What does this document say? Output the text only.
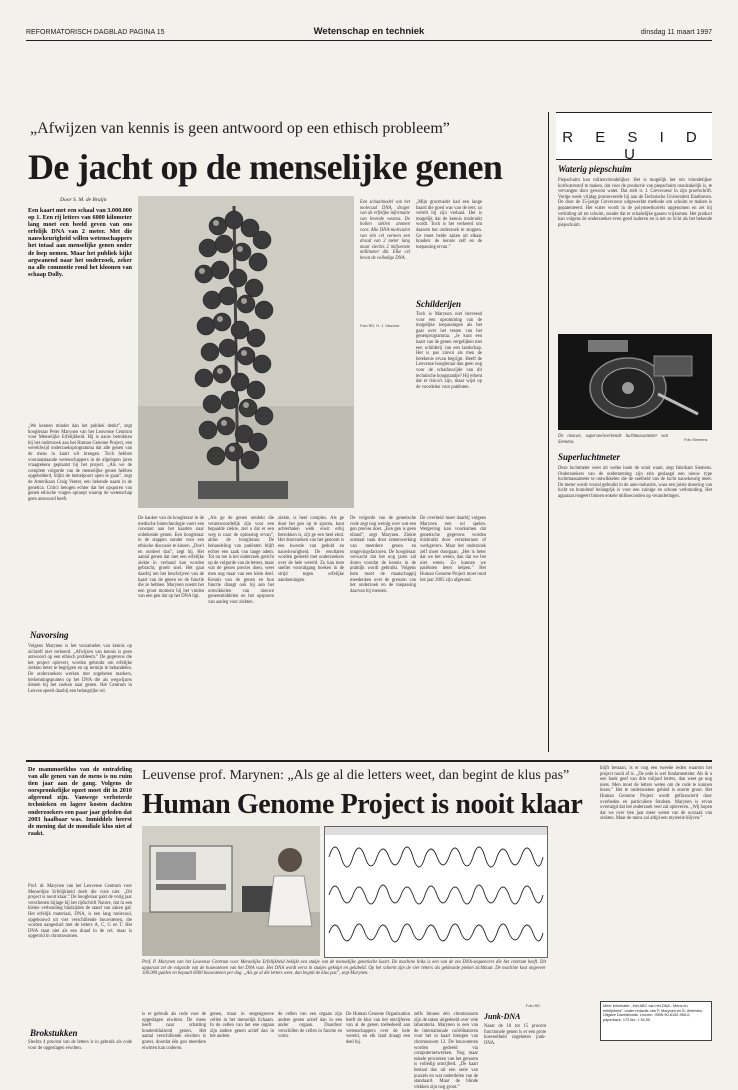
REFORMATORISCH DAGBLAD PAGINA 15	Wetenschap en techniek	dinsdag 11 maart 1997
„Afwijzen van kennis is geen antwoord op een ethisch probleem”
De jacht op de menselijke genen
Door S. M. de Bruijn
Een kaart met een schaal van 3.000.000 op 1. Een rij letters van 6000 kilometer lang moet een beeld geven van ons erfelijk DNA van 2 meter. Met die nauwkeurigheid willen wetenschappers het totaal aan menselijke genen onder de loep nemen. Maar het publiek kijkt argwanend naar het onderzoek, zeker na alle commotie rond het kloonen van schaap Dolly.
„We kennen minder dan het publiek denkt”, zegt hoogleraar Peter Marynen van het Leuvense Centrum voor Menselijke Erfelijkheid. Hij is nauw betrokken bij het onderzoek aan het Human Genome Project, een wereldwijd onderzoeksprogramma dat alle genen van de mens in kaart wil brengen. Toch hebben vooraanstaande wetenschappers in de afgelopen jaren vraagtekens geplaatst bij het project. „Als we de complete volgorde van de menselijke genen hebben opgehelderd, blijkt de hemelpoort open te gaan”, zegt de Amerikaan Craig Venter, een bekende naam in de genetica. Critici betogen echter dat het opsporen van genen ethische vragen oproept waarop de wetenschap geen antwoord heeft.
Een schaalmodel van het molecuul DNA, drager van de erfelijke informatie van levende wezens. De bollen stellen atomen voor. Alle DNA-moleculen van één cel vormen een draad van 2 meter lang maar slechts 2 miljoenste millimeter dik. Elke cel bevat de volledige DNA.
Foto RD, H. J. Visscher
De kanker van de hoogleraar in de medische biotechnologie voert een constant aan het kaarten naar onbekende genen. Een hoogleraar in de stappen zonder voor een ethische discussie te kiezen. „Doe't en oordeel dan”, zegt hij. Het aantal genen dat met een erfelijke ziekte in verband kan worden gebracht, groeit snel. Het gaat daarbij om het beschrijven van de kaart van de genen en de functie die ze hebben. Marynen noemt het een groot moment bij het vinden van een gen dat op het DNA ligt.
„Als ge de genen ontdekt die verantwoordelijk zijn voor een bepaalde ziekte, ziet u dat er een weg is naar de oplossing ervan”, aldus de hoogleraar. De behandeling van patiënten blijft echter een zaak van lange adem. Tot nu toe is het onderzoek gericht op de volgorde van de letters, maar wat de genen precies doen, weet men nog maar van een klein deel. Kennis van de genen en hun functie draagt ook bij aan het ontwikkelen van nieuwe geneesmiddelen en het opsporen van aanleg voor ziekten.
ziekte, is heel complex. Als ge door het gen op te sporen, kunt achterhalen welk eiwit erbij betrokken is, zijt ge een heel eind. Het doorzoeken van het genoom is een kwestie van geduld en nauwkeurigheid. De resultaten worden gedeeld met onderzoekers over de hele wereld. Zo kan men sneller vooruitgang boeken in de strijd tegen erfelijke aandoeningen.
Navorsing
Volgens Marynen is het verzamelen van kennis op zichzelf niet verkeerd. „Afwijzen van kennis is geen antwoord op een ethisch probleem.” De gegevens die het project oplevert, worden gebruikt om erfelijke ziekten beter te begrijpen en op termijn te behandelen. De onderzoekers werken met zogeheten markers, herkenningspunten op het DNA die als wegwijzers dienen bij het zoeken naar genen. Het Centrum in Leuven speelt daarbij een belangrijke rol.
„Mijn grootvader had een lange baard die goed was van de teer, zo vertelt hij zijn verhaal. Het is mogelijk dat de kennis misbruikt wordt. Toch is het verkeerd om daarom het onderzoek te stoppen. Ge moet beide zaken uit elkaar houden: de kennis zelf en de toepassing ervan.”
Schilderijen
Toch is Marynen niet bevreesd voor een opsomming van de mogelijke toepassingen als het gaat over het testen van het genenprogramma. „Je kunt een kaart van de genen vergelijken met een schilderij van een landschap. Het is pas zinvol als men de betekenis ervan begrijpt. Heeft de Leuvense hoogleraar dan geen oog voor de schaduwzijde van dit technische hoogstandje? Hij erkent dat er risico's zijn, maar wijst op de voordelen voor patiënten.
De volgorde van de genetische code zegt nog weinig over wat een gen precies doet. „Een gen is geen eiland”, zegt Marynen. Ziekte ontstaat vaak door samenwerking van meerdere genen en omgevingsfactoren. De hoogleraar verwacht dat het nog jaren zal duren voordat de kennis in de praktijk wordt gebruikt. Volgens hem moet de maatschappij meedenken over de grenzen van het onderzoek en de toepassing daarvan bij mensen.
De overheid moet daarbij volgens Marynen een rol spelen. Wetgeving kan voorkomen dat genetische gegevens worden misbruikt door verzekeraars of werkgevers. Maar het onderzoek zelf moet doorgaan. „Het is beter dat we het weten, dan dat we het niet weten. Zo kunnen we patiënten beter helpen.” Het Human Genome Project moet rond het jaar 2005 zijn afgerond.
R E S I D U
Waterig piepschuim
Piepschuim kan milieuvriendelijker. Het is mogelijk het om vriendelijker korfwaterstof te maken, dat voor de productie van piepschuim noodzakelijk is, te vervangen door gewoon water. Dat stelt ir. J. Crevecoeur in zijn proefschrift. Vorige week vrijdag promoveerde hij aan de Technische Universiteit Eindhoven. De door de 25-jarige Crevecoeur uitgewerkte methode om schuim te maken is gepatenteerd. Het water wordt in de polymeerkorrels opgenomen en zet bij verhitting uit tot schuim, zonder dat er schadelijke gassen vrijkomen. Het product kan volgens de onderzoeker even goed isoleren en is net zo licht als het bekende piepschuim.
De nieuwe, supersnelwerkende luchtmassameter van Siemens.	Foto Siemens
Superluchtmeter
Deze luchtmeter weet uit welke hoek de wind waait, zegt fabrikant Siemens. Onderzoekers van de onderneming zijn erin geslaagd een nieuw type luchtmassameter te ontwikkelen die de snelheid van de lucht nauwkeurig meet. De meter wordt vooral gebruikt in de auto-industrie, waar een juiste dosering van lucht en brandstof belangrijk is voor een zuinige en schone verbranding. Het apparaat reageert binnen enkele milliseconden op veranderingen.
De mammoetklus van de ontrafeling van alle genen van de mens is nu ruim tien jaar aan de gang. Volgens de oorspronkelijke opzet moet dit in 2010 afgerond zijn. Vanwege verbeterde technieken en lagere kosten dachten onderzoekers een paar jaar geleden dat 2003 haalbaar was. Inmiddels heerst de mening dat de mondiale klus niet af raakt.
Prof. dr. Marynen van het Leuvense Centrum voor Menselijke Erfelijkheid deelt die visie niet. „Dit project is nooit klaar.” De hoogleraar pakt de vorig jaar verschenen bijlage bij het tijdschrift Nature, dat in een kleine verhouding bladzijden de stand van zaken gaf. Het erfelijk materiaal, DNA, is een lang molecuul, opgebouwd uit vier verschillende bouwstenen, die worden aangeduid met de letters A, C, G en T. Het DNA staat niet als een draad in de cel, maar is opgerold in chromosomen.
Brokstukken
Slechts 4 procent van de letters is in gebruik als code voor de opgeslagen eiwitten.
Leuvense prof. Marynen: „Als ge al die letters weet, dan begint de klus pas”
Human Genome Project is nooit klaar
Prof. P. Marynen van het Leuvense Centrum voor Menselijke Erfelijkheid bekijkt een stukje van de menselijke genetische kaart. De machine links is een van de zes DNA-sequencers die het centrum heeft. Dit apparaat zet de volgorde van de bouwstenen van het DNA vast. Het DNA wordt eerst in stukjes geknipt en gelabeld. Op het scherm zijn de vier letters als gekleurde pieken zichtbaar. De machine kost ongeveer 100.000 gulden en bepaalt 6000 bouwstenen per dag. „Als ge al die letters weet, dan begint de klus pas”, zegt Marynen.
Foto RD
is er gebruik als code voor de opgeslagen eiwitten. De mens heeft naar schatting honderdduizend genen. Het aantal verschillende eiwitten is groter, doordat één gen meerdere eiwitten kan coderen.
genen, maar in stegengroeve cellen in het menselijk lichaam. In de cellen van het ene orgaan zijn andere genen actief dan in het andere.
de cellen van een orgaan zijn andere genen actief dan in een ander orgaan. Daardoor verschillen de cellen in functie en vorm.
De Human Genome Organization heeft de klus van het ontcijferen van al de genen toebedeeld aan wetenschappers over de hele wereld, en elk land draagt een deel bij.
zelfs binnen één chromosoom zijn de taken uitgedeeld over vele laboratoria. Marynen is een van de internationale coördinatoren voor het in kaart brengen van chromosoom 12. De bouwstenen worden gedeeld via computernetwerken. Nog maar enkele procenten van het genoom is volledig ontcijferd. „De kaart bestaat dus uit een serie van puzzels en wat onderdelen van de standaard. Maar de blinde vlekken zijn nog groot.”
Junk-DNA
Naast de 10 tot 15 procent functionele genen is er een grote hoeveelheid zogeheten junk-DNA.
blijft bestaan, is er nog een tweede reden waarom het project nooit af is. „De orde is wel fundamenteler. Als ik u een boek geef van drie miljard letters, dan weet ge nog niets. Men moet de letters weten om de code te kunnen lezen.” Het te onderzoeken gebied is enorm groot. Het Human Genome Project wordt gefinancierd door overheden en particuliere fondsen. Marynen is ervan overtuigd dat het onderzoek veel zal opleveren. „Wij hopen dat we over tien jaar meer weten van de oorzaak van ziekten. Maar de mens zal altijd een mysterie blijven.”
Meer informatie: „Het ABC van het DNA - Mens en erfelijkheid”, onder redactie van P. Marynen en B. Weehles. Uitgave Davidsfonds. Leuven. ISBN 90-6152-965-0; paperback, 172 blz.; f 34,50.
